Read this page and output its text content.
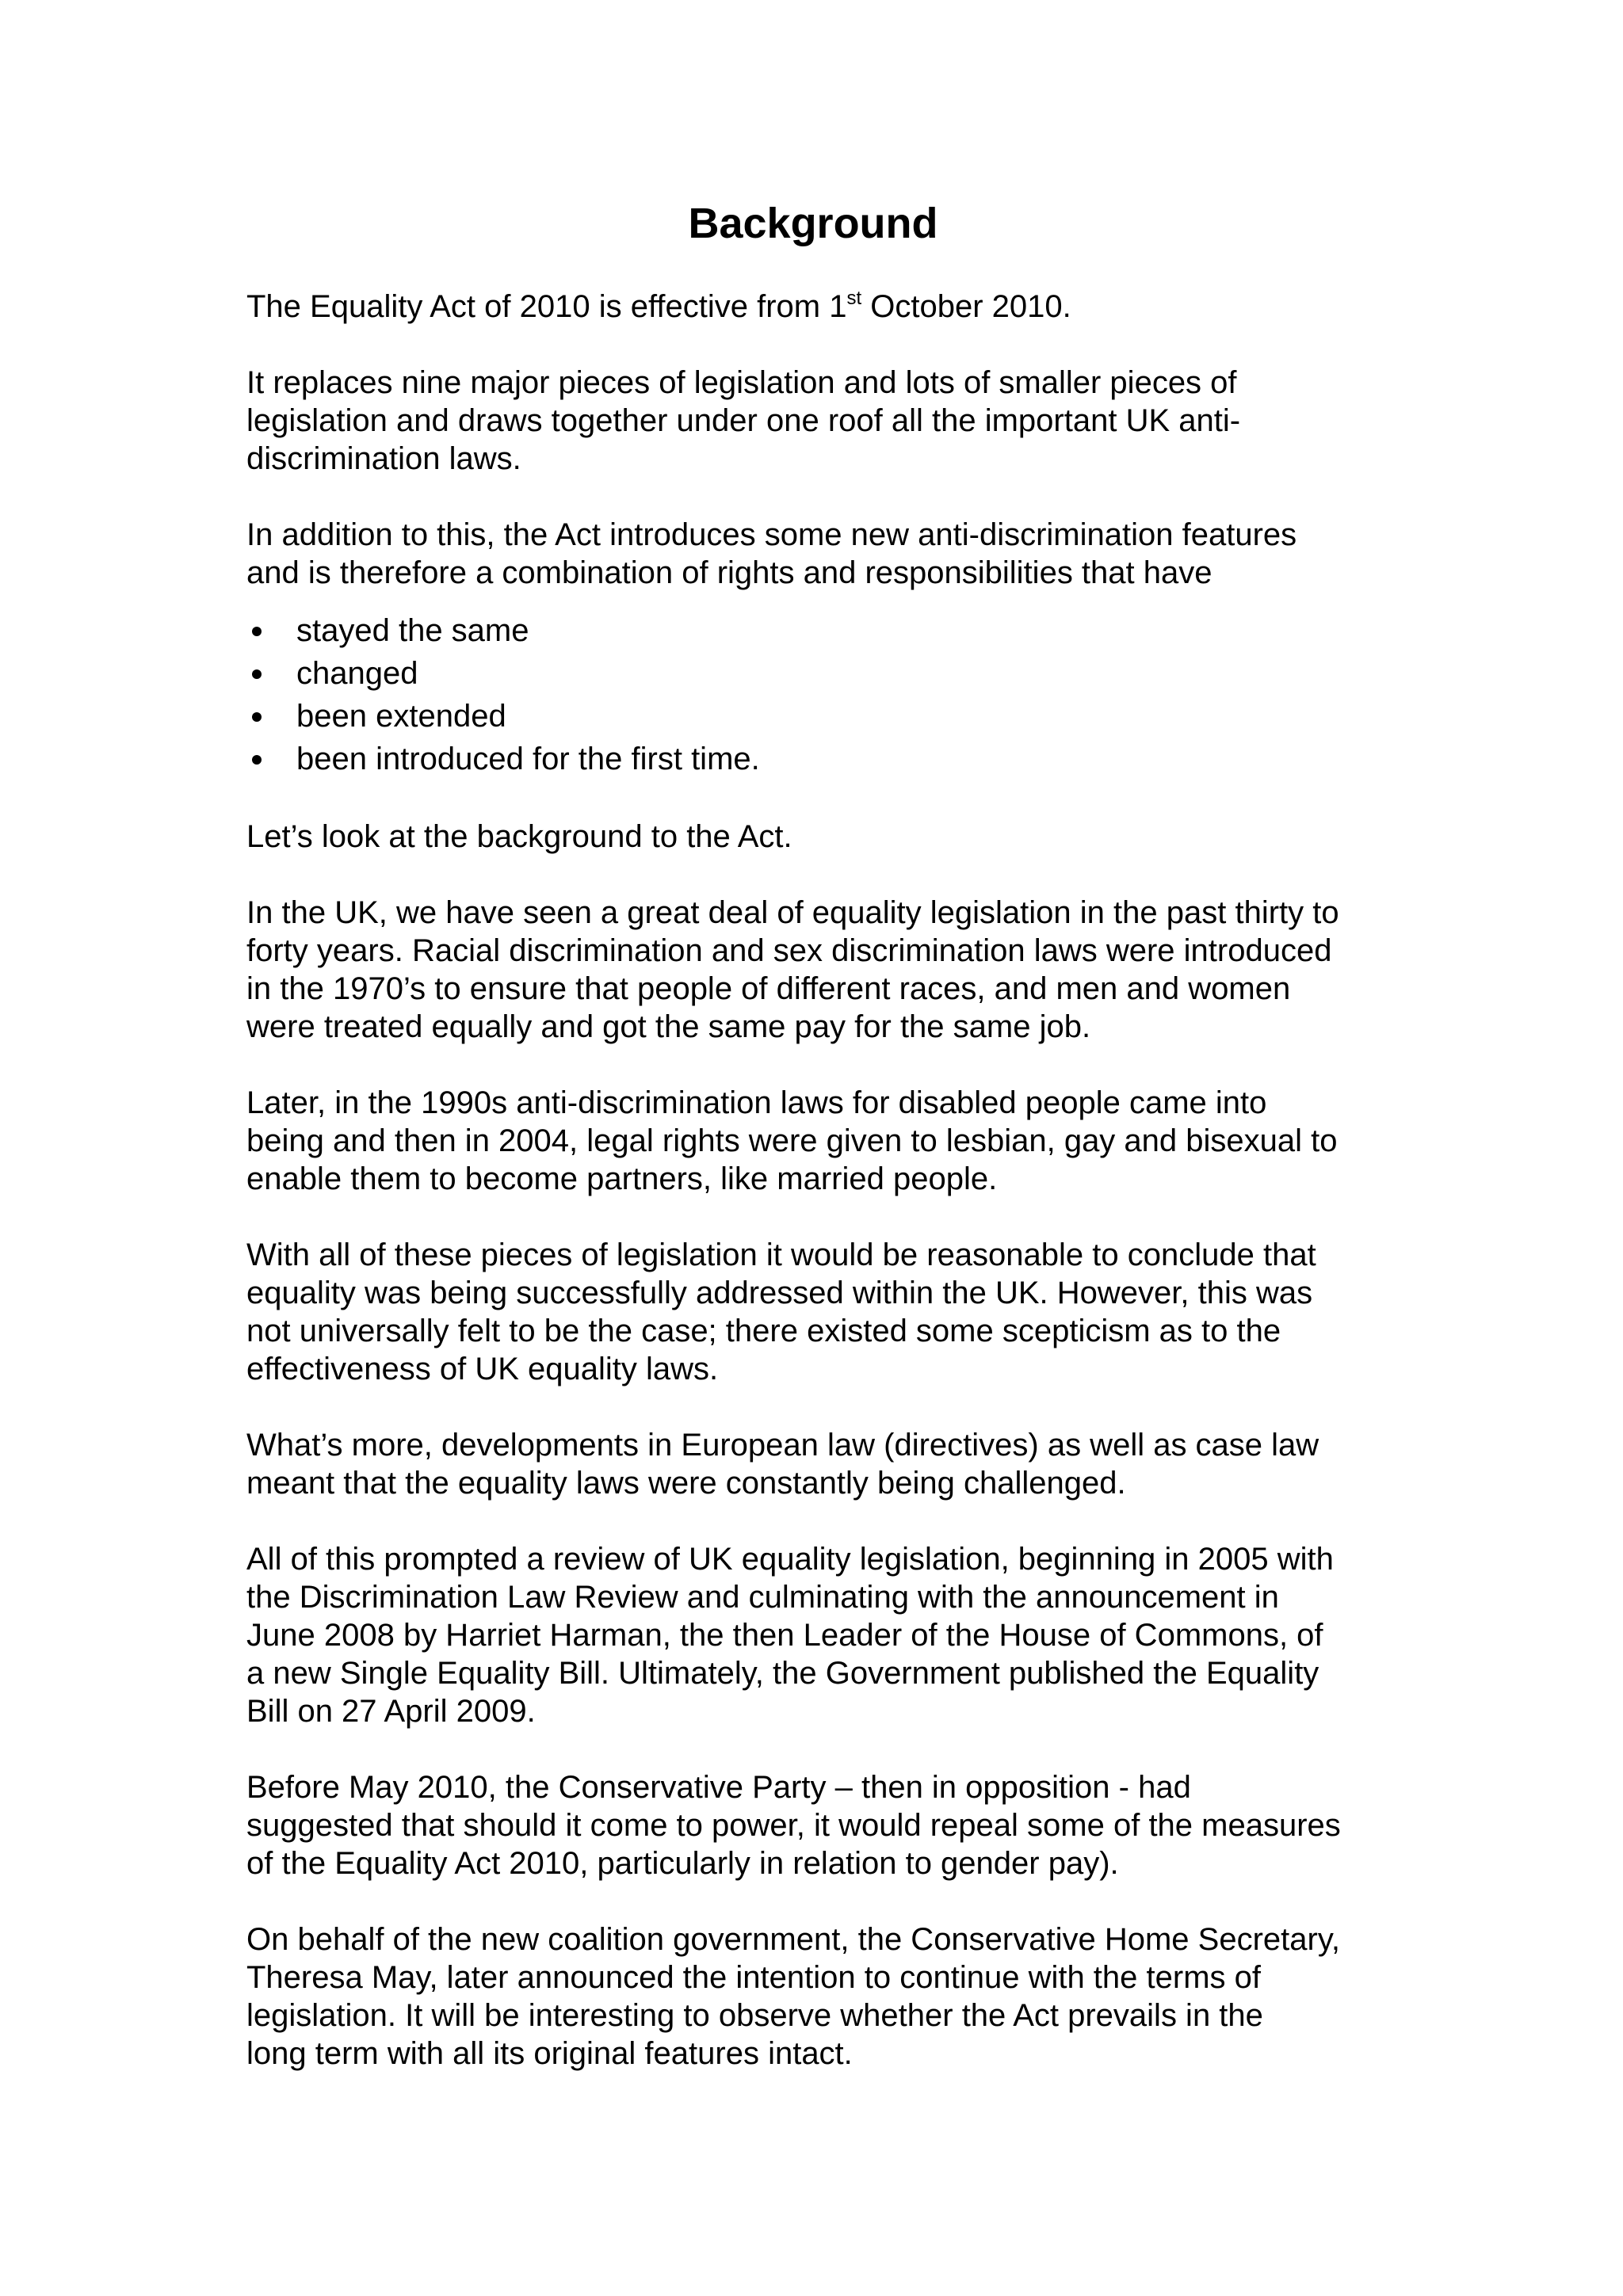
Background

The Equality Act of 2010 is effective from 1st October 2010.

It replaces nine major pieces of legislation and lots of smaller pieces of
legislation and draws together under one roof all the important UK anti-
discrimination laws.

In addition to this, the Act introduces some new anti-discrimination features
and is therefore a combination of rights and responsibilities that have

stayed the same
changed
been extended
been introduced for the first time.

Let’s look at the background to the Act.

In the UK, we have seen a great deal of equality legislation in the past thirty to
forty years. Racial discrimination and sex discrimination laws were introduced
in the 1970’s to ensure that people of different races, and men and women
were treated equally and got the same pay for the same job.

Later, in the 1990s anti-discrimination laws for disabled people came into
being and then in 2004, legal rights were given to lesbian, gay and bisexual to
enable them to become partners, like married people.

With all of these pieces of legislation it would be reasonable to conclude that
equality was being successfully addressed within the UK. However, this was
not universally felt to be the case; there existed some scepticism as to the
effectiveness of UK equality laws.

What’s more, developments in European law (directives) as well as case law
meant that the equality laws were constantly being challenged.

All of this prompted a review of UK equality legislation, beginning in 2005 with
the Discrimination Law Review and culminating with the announcement in
June 2008 by Harriet Harman, the then Leader of the House of Commons, of
a new Single Equality Bill. Ultimately, the Government published the Equality
Bill on 27 April 2009.

Before May 2010, the Conservative Party – then in opposition - had
suggested that should it come to power, it would repeal some of the measures
of the Equality Act 2010, particularly in relation to gender pay).

On behalf of the new coalition government, the Conservative Home Secretary,
Theresa May, later announced the intention to continue with the terms of
legislation. It will be interesting to observe whether the Act prevails in the
long term with all its original features intact.
